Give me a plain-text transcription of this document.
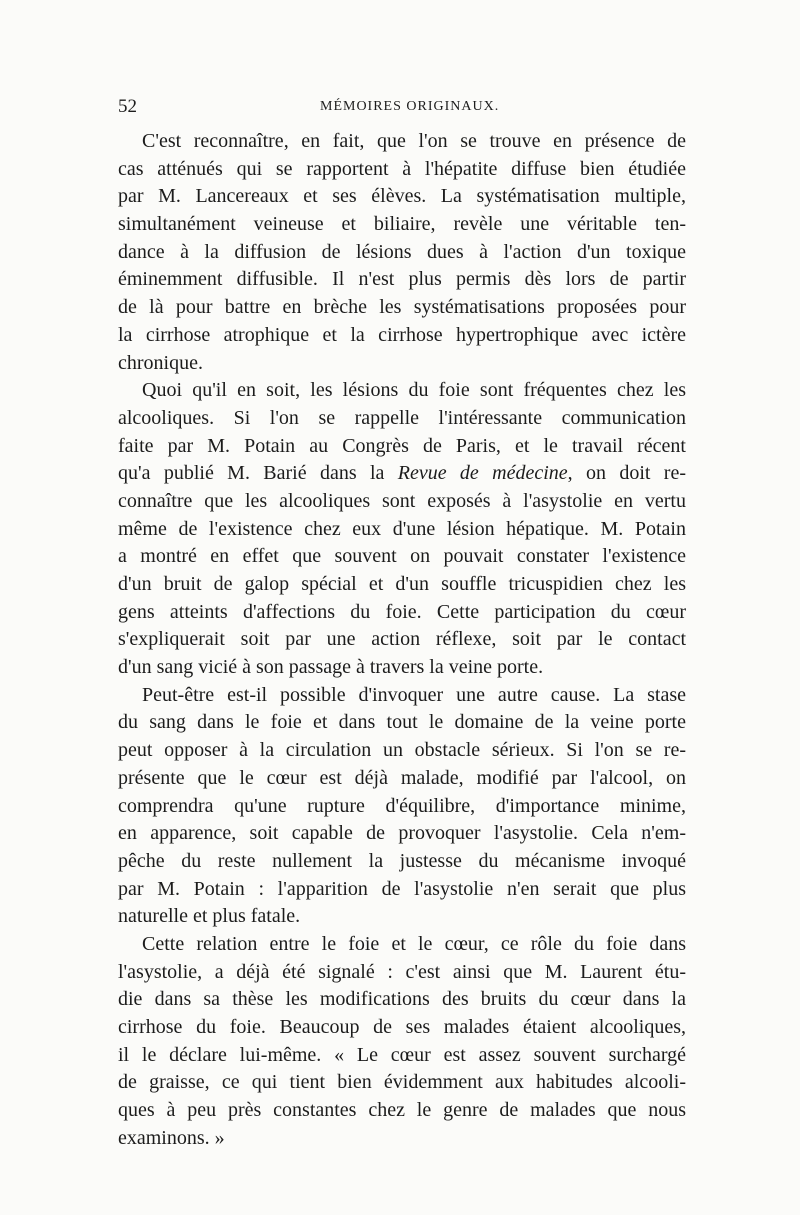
52	MÉMOIRES ORIGINAUX.
C'est reconnaître, en fait, que l'on se trouve en présence de
cas atténués qui se rapportent à l'hépatite diffuse bien étudiée
par M. Lancereaux et ses élèves. La systématisation multiple,
simultanément veineuse et biliaire, revèle une véritable ten-
dance à la diffusion de lésions dues à l'action d'un toxique
éminemment diffusible. Il n'est plus permis dès lors de partir
de là pour battre en brèche les systématisations proposées pour
la cirrhose atrophique et la cirrhose hypertrophique avec ictère
chronique.
Quoi qu'il en soit, les lésions du foie sont fréquentes chez les
alcooliques. Si l'on se rappelle l'intéressante communication
faite par M. Potain au Congrès de Paris, et le travail récent
qu'a publié M. Barié dans la Revue de médecine, on doit re-
connaître que les alcooliques sont exposés à l'asystolie en vertu
même de l'existence chez eux d'une lésion hépatique. M. Potain
a montré en effet que souvent on pouvait constater l'existence
d'un bruit de galop spécial et d'un souffle tricuspidien chez les
gens atteints d'affections du foie. Cette participation du cœur
s'expliquerait soit par une action réflexe, soit par le contact
d'un sang vicié à son passage à travers la veine porte.
Peut-être est-il possible d'invoquer une autre cause. La stase
du sang dans le foie et dans tout le domaine de la veine porte
peut opposer à la circulation un obstacle sérieux. Si l'on se re-
présente que le cœur est déjà malade, modifié par l'alcool, on
comprendra qu'une rupture d'équilibre, d'importance minime,
en apparence, soit capable de provoquer l'asystolie. Cela n'em-
pêche du reste nullement la justesse du mécanisme invoqué
par M. Potain : l'apparition de l'asystolie n'en serait que plus
naturelle et plus fatale.
Cette relation entre le foie et le cœur, ce rôle du foie dans
l'asystolie, a déjà été signalé : c'est ainsi que M. Laurent étu-
die dans sa thèse les modifications des bruits du cœur dans la
cirrhose du foie. Beaucoup de ses malades étaient alcooliques,
il le déclare lui-même. « Le cœur est assez souvent surchargé
de graisse, ce qui tient bien évidemment aux habitudes alcooli-
ques à peu près constantes chez le genre de malades que nous
examinons. »
